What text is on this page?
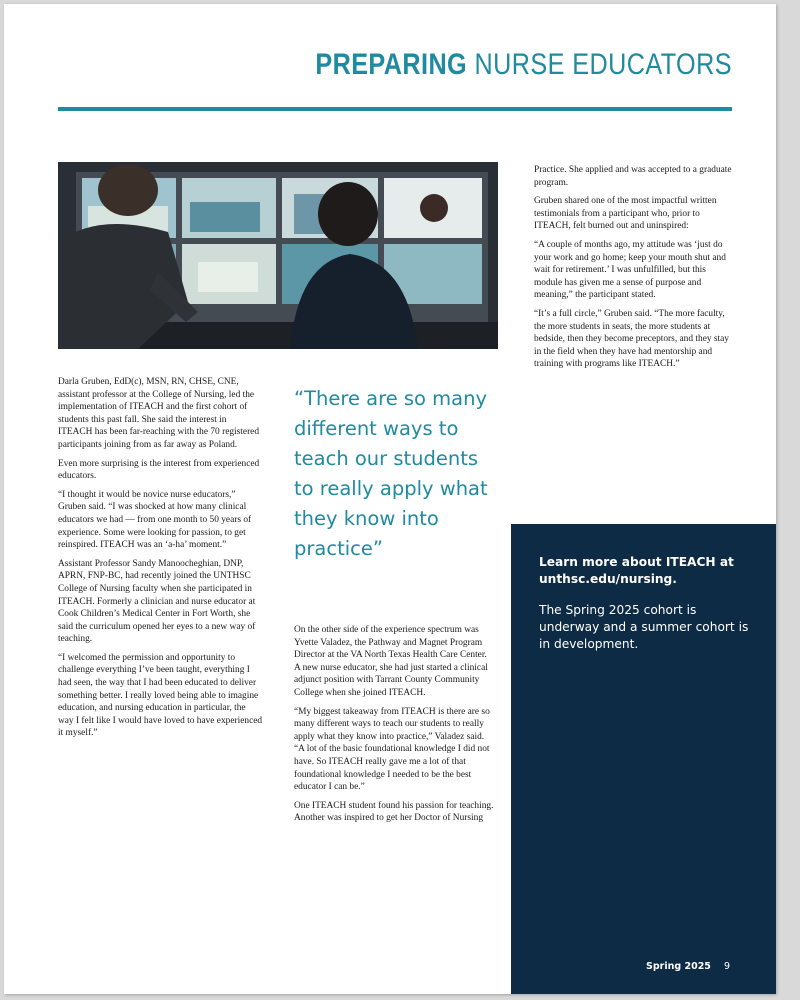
PREPARING NURSE EDUCATORS

Darla Gruben, EdD(c), MSN, RN, CHSE, CNE, assistant professor at the College of Nursing, led the implementation of ITEACH and the first cohort of students this past fall. She said the interest in ITEACH has been far-reaching with the 70 registered participants joining from as far away as Poland.

Even more surprising is the interest from experienced educators.

“I thought it would be novice nurse educators,” Gruben said. “I was shocked at how many clinical educators we had — from one month to 50 years of experience. Some were looking for passion, to get reinspired. ITEACH was an ‘a-ha’ moment.”

Assistant Professor Sandy Manoocheghian, DNP, APRN, FNP-BC, had recently joined the UNTHSC College of Nursing faculty when she participated in ITEACH. Formerly a clinician and nurse educator at Cook Children’s Medical Center in Fort Worth, she said the curriculum opened her eyes to a new way of teaching.

“I welcomed the permission and opportunity to challenge everything I’ve been taught, everything I had seen, the way that I had been educated to deliver something better. I really loved being able to imagine education, and nursing education in particular, the way I felt like I would have loved to have experienced it myself.”

“There are so many different ways to teach our students to really apply what they know into practice”

On the other side of the experience spectrum was Yvette Valadez, the Pathway and Magnet Program Director at the VA North Texas Health Care Center. A new nurse educator, she had just started a clinical adjunct position with Tarrant County Community College when she joined ITEACH.

“My biggest takeaway from ITEACH is there are so many different ways to teach our students to really apply what they know into practice,” Valadez said. “A lot of the basic foundational knowledge I did not have. So ITEACH really gave me a lot of that foundational knowledge I needed to be the best educator I can be.”

One ITEACH student found his passion for teaching. Another was inspired to get her Doctor of Nursing

Practice. She applied and was accepted to a graduate program.

Gruben shared one of the most impactful written testimonials from a participant who, prior to ITEACH, felt burned out and uninspired:

“A couple of months ago, my attitude was ‘just do your work and go home; keep your mouth shut and wait for retirement.’ I was unfulfilled, but this module has given me a sense of purpose and meaning,” the participant stated.

“It’s a full circle,” Gruben said. “The more faculty, the more students in seats, the more students at bedside, then they become preceptors, and they stay in the field when they have had mentorship and training with programs like ITEACH.”

Learn more about ITEACH at unthsc.edu/nursing.
The Spring 2025 cohort is underway and a summer cohort is in development.
Spring 2025 9
